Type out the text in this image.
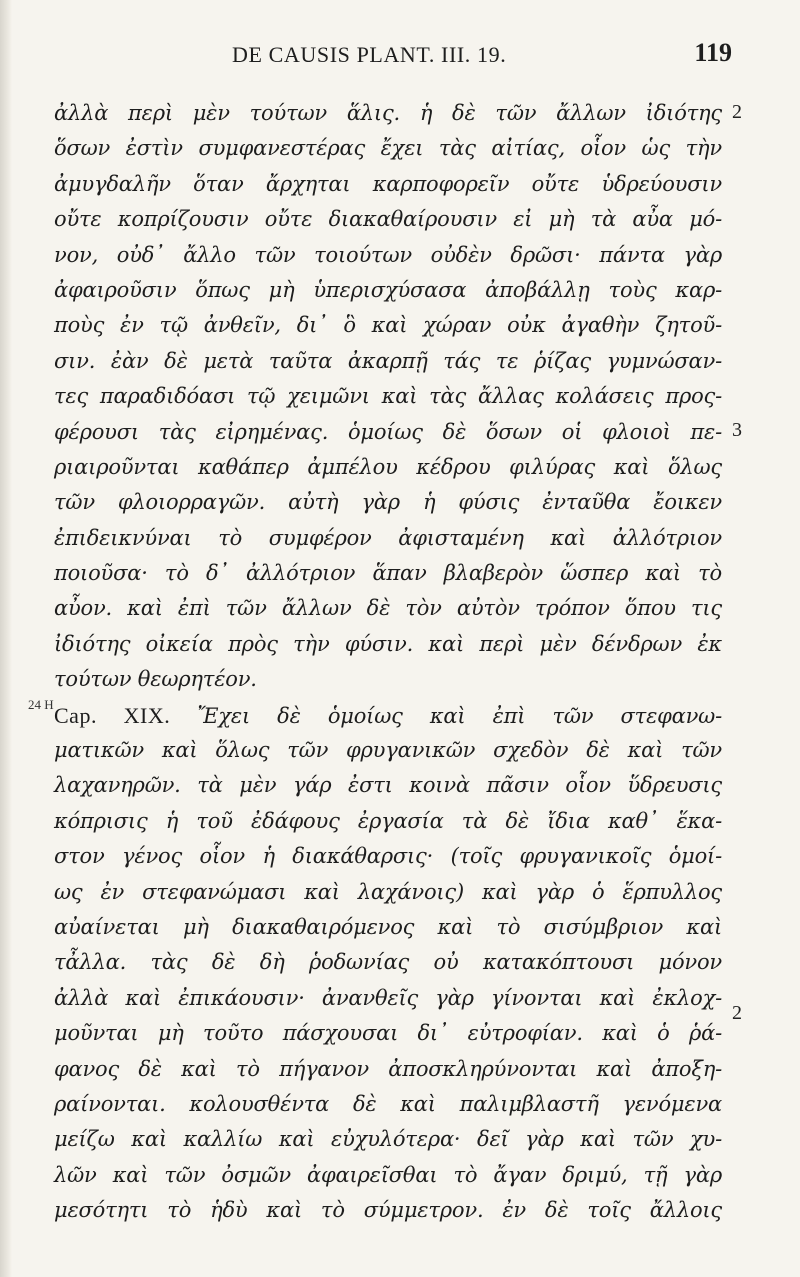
DE CAUSIS PLANT. III. 19.	119
2
3
24 H
2
ἀλλὰ περὶ μὲν τούτων ἅλις. ἡ δὲ τῶν ἄλλων ἰδιότης
ὅσων ἐστὶν συμφανεστέρας ἔχει τὰς αἰτίας, οἷον ὡς τὴν
ἀμυγδαλῆν ὅταν ἄρχηται καρποφορεῖν οὔτε ὑδρεύουσιν
οὔτε κοπρίζουσιν οὔτε διακαθαίρουσιν εἰ μὴ τὰ αὖα μό-
νον, οὐδ᾽ ἄλλο τῶν τοιούτων οὐδὲν δρῶσι· πάντα γὰρ
ἀφαιροῦσιν ὅπως μὴ ὑπερισχύσασα ἀποβάλλῃ τοὺς καρ-
ποὺς ἐν τῷ ἀνθεῖν, δι᾽ ὃ καὶ χώραν οὐκ ἀγαθὴν ζητοῦ-
σιν. ἐὰν δὲ μετὰ ταῦτα ἀκαρπῇ τάς τε ῥίζας γυμνώσαν-
τες παραδιδόασι τῷ χειμῶνι καὶ τὰς ἄλλας κολάσεις προς-
φέρουσι τὰς εἰρημένας. ὁμοίως δὲ ὅσων οἱ φλοιοὶ πε-
ριαιροῦνται καθάπερ ἀμπέλου κέδρου φιλύρας καὶ ὅλως
τῶν φλοιορραγῶν. αὐτὴ γὰρ ἡ φύσις ἐνταῦθα ἔοικεν
ἐπιδεικνύναι τὸ συμφέρον ἀφισταμένη καὶ ἀλλότριον
ποιοῦσα· τὸ δ᾽ ἀλλότριον ἅπαν βλαβερὸν ὥσπερ καὶ τὸ
αὖον. καὶ ἐπὶ τῶν ἄλλων δὲ τὸν αὐτὸν τρόπον ὅπου τις
ἰδιότης οἰκεία πρὸς τὴν φύσιν. καὶ περὶ μὲν δένδρων ἐκ
τούτων θεωρητέον.
Cap. XIX. Ἔχει δὲ ὁμοίως καὶ ἐπὶ τῶν στεφανω-
ματικῶν καὶ ὅλως τῶν φρυγανικῶν σχεδὸν δὲ καὶ τῶν
λαχανηρῶν. τὰ μὲν γάρ ἐστι κοινὰ πᾶσιν οἷον ὕδρευσις
κόπρισις ἡ τοῦ ἐδάφους ἐργασία τὰ δὲ ἴδια καθ᾽ ἕκα-
στον γένος οἷον ἡ διακάθαρσις· (τοῖς φρυγανικοῖς ὁμοί-
ως ἐν στεφανώμασι καὶ λαχάνοις) καὶ γὰρ ὁ ἕρπυλλος
αὐαίνεται μὴ διακαθαιρόμενος καὶ τὸ σισύμβριον καὶ
τἆλλα. τὰς δὲ δὴ ῥοδωνίας οὐ κατακόπτουσι μόνον
ἀλλὰ καὶ ἐπικάουσιν· ἀνανθεῖς γὰρ γίνονται καὶ ἐκλοχ-
μοῦνται μὴ τοῦτο πάσχουσαι δι᾽ εὐτροφίαν. καὶ ὁ ῥά-
φανος δὲ καὶ τὸ πήγανον ἀποσκληρύνονται καὶ ἀποξη-
ραίνονται. κολουσθέντα δὲ καὶ παλιμβλαστῆ γενόμενα
μείζω καὶ καλλίω καὶ εὐχυλότερα· δεῖ γὰρ καὶ τῶν χυ-
λῶν καὶ τῶν ὀσμῶν ἀφαιρεῖσθαι τὸ ἄγαν δριμύ, τῇ γὰρ
μεσότητι τὸ ἡδὺ καὶ τὸ σύμμετρον. ἐν δὲ τοῖς ἄλλοις
